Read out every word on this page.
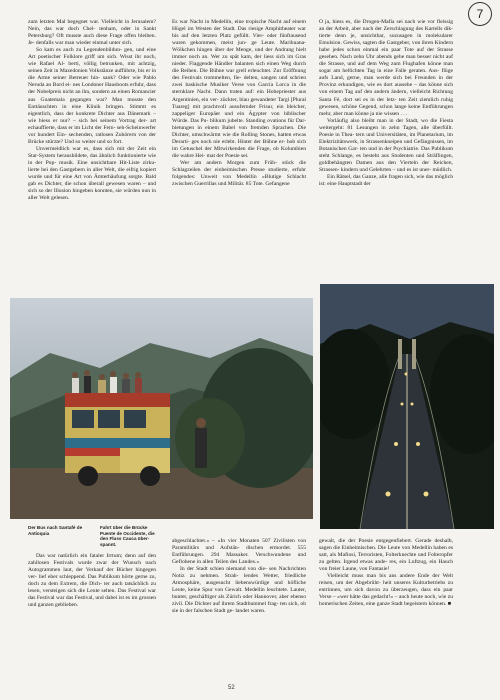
7

zum letzten Mal begegnet war. Vielleicht in Jerusalem? Nein, das war doch Chel- tenham, oder in Sankt Petersburg? Oft musste auch diese Frage offen bleiben. Je- denfalls war man wieder einmal unter sich.

So kam es auch zu Legendenbildun- gen, und eine Art poetischer Folklore griff um sich. Wisst ihr noch, wie Rafael Al- berti, völlig betrunken, mit achtzig, seinen Zeit in Mazedonien Volkstänze aufführte, bis er in die Arme seiner Betreuer hin- sank? Oder wie Pablo Neruda an Bord ei- nes Londoner Hausboots erfuhr, dass der Nobelpreis nicht an ihn, sondern an einen Romancier aus Guatemala gegangen war? Man musste den Enttäuschten in eine Klinik bringen. Stimmt es eigentlich, dass der konkrete Dichter aus Dänemark – wie hiess er nur? – sich bei seinem Vortrag der- art echauffierte, dass er im Licht der Fern- seh-Scheinwerfer vor hundert Ein- sechenden, ratlosen Zuhörern von der Brücke stürzte? Und so weiter und so fort.

Unvermeidlich war es, dass sich mit der Zeit ein Star-System herausbildete, das ähnlich funktionierte wie in der Pop- musik. Eine unsichtbare Hit-Liste zirku- lierte bei den Gastgebern in aller Welt, die eifrig kopiert wurde und für eine Art von Ämterhäufung sorgte. Bald gab es Dichter, die schon überall gewesen waren – und sich so der Illusion hingeben konnten, sie würden nun in aller Welt gelesen.

Es war Nacht in Medellín, eine tropische Nacht auf einem Hügel im Westen der Stadt. Das riesige Amphitheater war bis auf den letzten Platz gefüllt. Vier- oder fünftausend waren gekommen, meist jun- ge Leute. Marihuana-Wölkchen hingen über der Menge, und der Andrang hielt immer noch an. Wer zu spät kam, der liess sich im Gras nieder. Flaggende Händler balanten sich einen Weg durch die Reihen. Die Bühne war grell erleuchtet. Zur Eröffnung des Festivals trommelten, fie- delten, sangen und schrien zwei baskische Musiker Verse von García Lorca in die sternklare Nacht. Dann traten auf: ein Hohepriester aus Argentinien, ein ver- zückter, blau gewandeter Targi [Plural Tuareg] mit prachtvoll ausufernder Frisur, ein bleicher, zappeliger Europäer und ein Ägypter von biblischer Würde. Das Pu- blikum jubelte. Standing ovations für Dar- bietungen in einem Babel von fremden Sprachen. Die Dichter, umschwärmt wie die Rolling Stones, hatten etwas Derarti- ges noch nie erlebt. Hinter der Bühne er- hob sich im Getuschel der Mitwirkenden die Frage, ob Kolumbien die wahre Hei- mat der Poesie sei.

Wer am andern Morgen zum Früh- stück die Schlagzeilen der einheimischen Presse studierte, erfuhr folgendes: Unweit von Medellín »Blutige Schlacht zwischen Guerrillas und Militär. 85 Tote. Gefangene

O ja, hiess es, die Drogen-Mafia sei nach wie vor fleissig an der Arbeit, aber nach der Zerschlagung des Kartells dik- tierte denn je, unsichtbar, sozusagen in molekularer Emulsion. Gewiss, sagten die Gastgeber, von ihren Kindern habe jedes schon einmal ein paar Tote auf der Strasse gesehen. Nach zehn Uhr abends gehe man besser nicht auf die Strasse, und auf dem Weg zum Flughafen könne man sogar am hellichten Tag in eine Falle geraten. Aus- flüge aufs Land, gerne, man werde sich bei Freunden in der Provinz erkundigen, wie es dort aussehe – das könne sich von einem Tag auf den andern ändern, vielleicht Richtung Santa Fé, dort sei es in der letz- ten Zeit ziemlich ruhig gewesen, schöne Gegend, schon lange keine Entführungen mehr, aber man könne ja nie wissen . . .

Vorläufig also bleibt man in der Stadt, wo die Fiesta weitergeht: 81 Lesungen in zehn Tagen, alle überfüllt. Poesie in Thea- tern und Universitäten, im Planetarium, im Elektrizitätswerk, in Strassenkneipen und Gefängnissen, im Botanischen Gar- ten und in der Psychiatrie. Das Publikum steht Schlange, es besteht aus Studenten und Sträflingen, goldbehängten Damen aus den Vierteln der Reichen, Strassen- kindern und Gelehrten – und es ist uner- müdlich.

Ein Rätsel, das Ganze, alle fragen sich, wie das möglich ist: eine Hauptstadt der

Der Bus nach Santafé de Antioquia
Fahrt über die Brücke Puente de Occidente, die den Fluss Cauca über- spannt.

Das war natürlich ein fataler Irrtum; denn auf den zahllosen Festivals wurde zwar der Wunsch nach Autogrammen laut, der Verkauf der Bücher hingegen ver- lief eher schleppend. Das Publikum hörte gerne zu, doch zu dem Extrem, die Dich- ter auch tatsächlich zu lesen, versteigen sich die Leute selten. Das Festival war das Festival war das Festival, und dabei ist es im grossen und ganzen geblieben.

abgeschlachtet.« – »In vier Monaten 507 Zivilisten von Paramilitärs und Aufstän- dischen ermordet. 555 Entführungen. 294 Massaker. Verschwundene und Geflohene in allen Teilen des Landes.«

In der Stadt schien niemand von die- sen Nachrichten Notiz zu nehmen. Strah- lendes Wetter, friedliche Atmosphäre, ausgesucht liebenswürdige und höfliche Leute, keine Spur von Gewalt. Medellín leuchtete. Lauter, bunter, geschäftiger als Zürich oder Hannover, aber ebenso zivil. Die Dichter auf ihrem Stadtbummel frag- ten sich, ob sie in der falschen Stadt ge- landet waren.

gewalt, die der Poesie entgegenfiebert. Gerade deshalb, sagen die Einheimischen. Die Leute von Medellín haben es satt, als Mafiosi, Terroristen, Folterknechte und Folteropfer zu gelten. Irgend etwas ande- res, ein Luftzug, ein Hauch von freier Laune, von Fantasie!

Vielleicht muss man bis ans andere Ende der Welt reisen, um der Abgebrüht- heit unseres Kulturbetriebs zu entrinnen, um sich davon zu überzeugen, dass ein paar Verse – »wer hätte das gedacht!« – auch heute noch, wie zu homerischen Zeiten, eine ganze Stadt begeistern können. ■

52
